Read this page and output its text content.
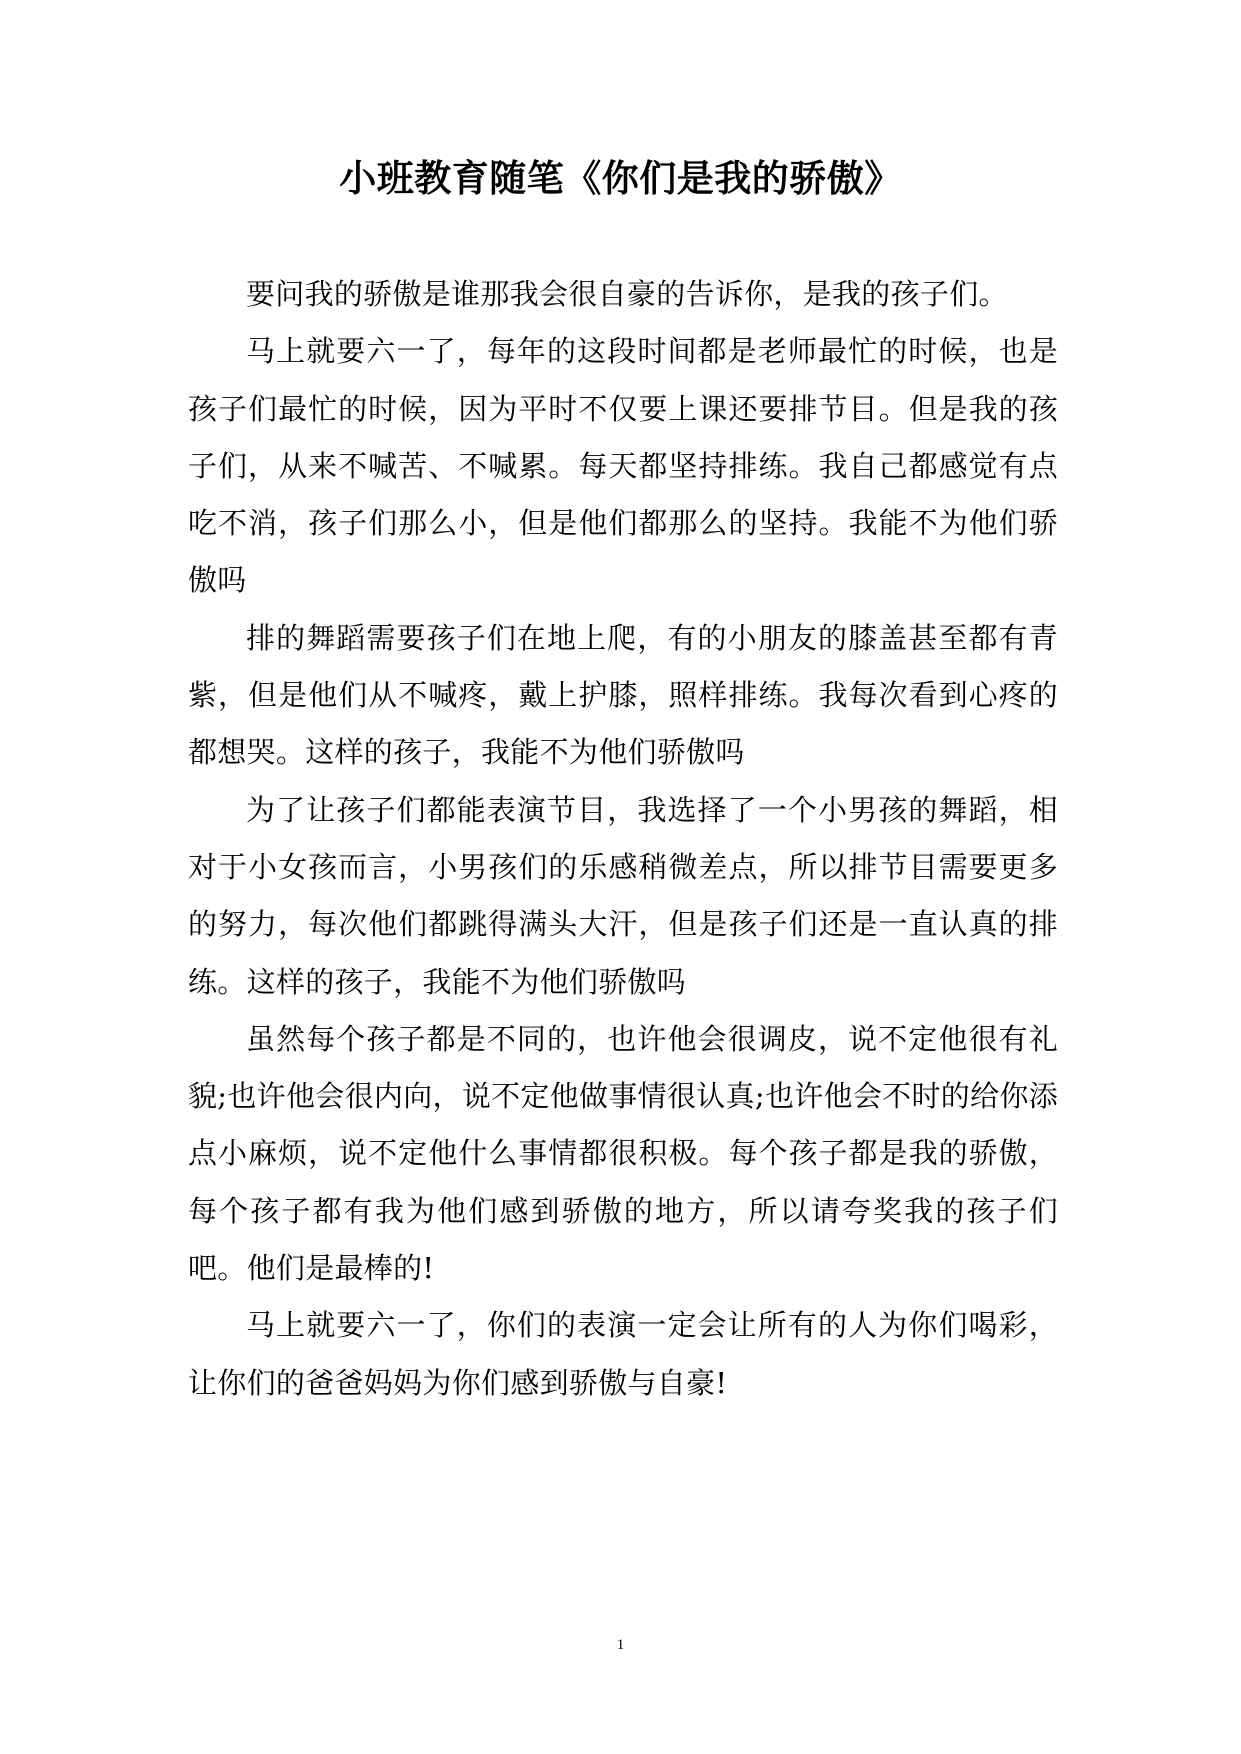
小班教育随笔《你们是我的骄傲》

要问我的骄傲是谁那我会很自豪的告诉你，是我的孩子们。

马上就要六一了，每年的这段时间都是老师最忙的时候，也是孩子们最忙的时候，因为平时不仅要上课还要排节目。但是我的孩子们，从来不喊苦、不喊累。每天都坚持排练。我自己都感觉有点吃不消，孩子们那么小，但是他们都那么的坚持。我能不为他们骄傲吗

排的舞蹈需要孩子们在地上爬，有的小朋友的膝盖甚至都有青紫，但是他们从不喊疼，戴上护膝，照样排练。我每次看到心疼的都想哭。这样的孩子，我能不为他们骄傲吗

为了让孩子们都能表演节目，我选择了一个小男孩的舞蹈，相对于小女孩而言，小男孩们的乐感稍微差点，所以排节目需要更多的努力，每次他们都跳得满头大汗，但是孩子们还是一直认真的排练。这样的孩子，我能不为他们骄傲吗

虽然每个孩子都是不同的，也许他会很调皮，说不定他很有礼貌;也许他会很内向，说不定他做事情很认真;也许他会不时的给你添点小麻烦，说不定他什么事情都很积极。每个孩子都是我的骄傲，每个孩子都有我为他们感到骄傲的地方，所以请夸奖我的孩子们吧。他们是最棒的!

马上就要六一了，你们的表演一定会让所有的人为你们喝彩，让你们的爸爸妈妈为你们感到骄傲与自豪!

1
